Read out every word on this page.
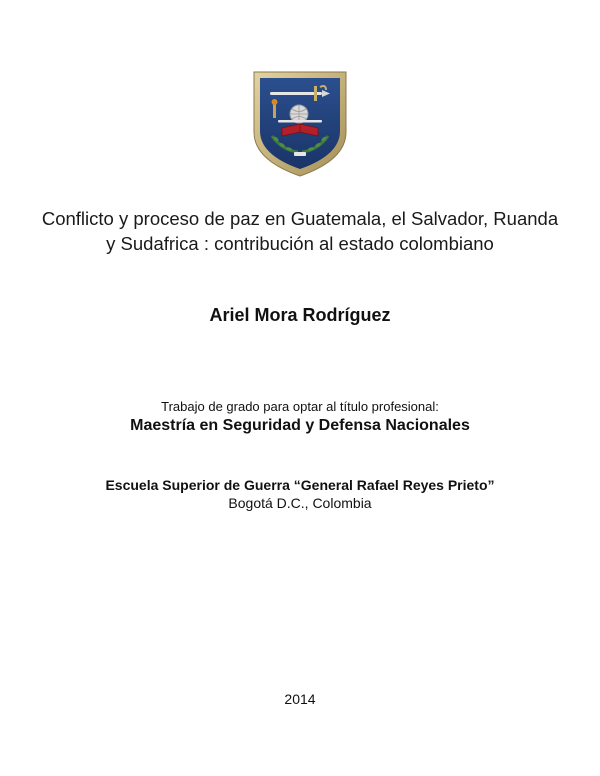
Conflicto y proceso de paz en Guatemala, el Salvador, Ruanda y Sudafrica : contribución al estado colombiano
Ariel Mora Rodríguez
Trabajo de grado para optar al título profesional:
Maestría en Seguridad y Defensa Nacionales
Escuela Superior de Guerra “General Rafael Reyes Prieto”
Bogotá D.C., Colombia
2014
